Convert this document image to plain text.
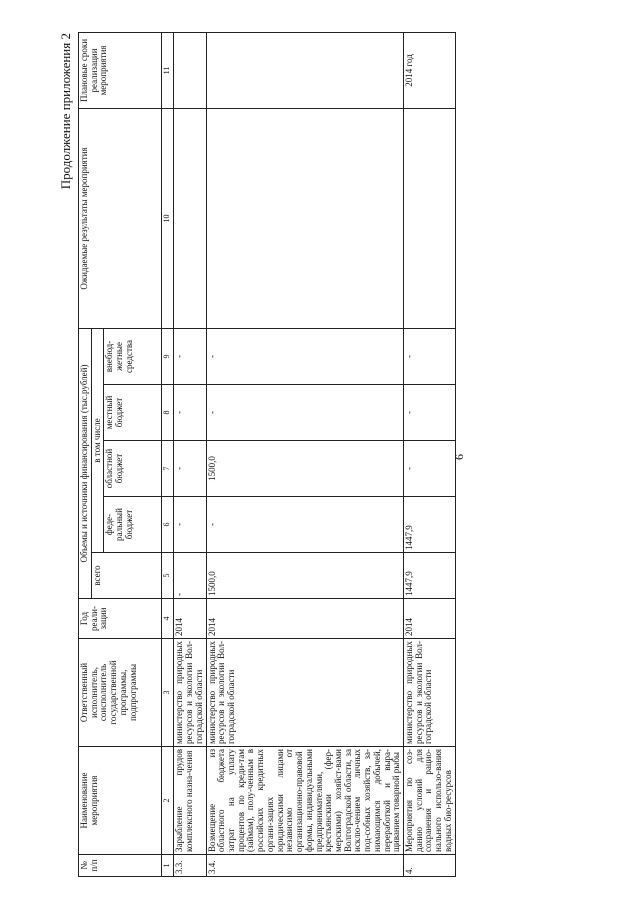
6
Продолжение приложения 2
№ п/п	Наименование мероприятия	Ответственный исполнитель, соисполнитель государственной программы, подпрограммы	Год реали-зации	Объемы и источники финансирования (тыс.рублей)					Ожидаемые результаты мероприятия	Плановые сроки реализации мероприятия
				всего	в том числе					
					феде-ральный бюджет	областной бюджет	местный бюджет	внебюд-жетные средства		
1	2	3	4	5	6	7	8	9	10	11
3.3.	Зарыбление прудов комплексного назна-чения	министерство природных ресурсов и экологии Вол-гоградской области	2014	-	-	-	-	-		
3.4.	Возмещение из областного бюджета затрат на уплату процентов по креди-там (займам), полу-ченным в российских кредитных органи-зациях юридическими лицами независимо от организационно-правовой формы, индивидуальными предпринимателями, крестьянскими (фер-мерскими) хозяйст-вами Волгоградской области, за исклю-чением личных под-собных хозяйств, за-нимающимся добычей, переработкой и выра-щиванием товарной рыбы	министерство природных ресурсов и экологии Вол-гоградской области	2014	1500,0	-	1500,0	-	-		
4.	Мероприятия по соз-данию условий для сохранения и рацио-нального использо-вания водных био-ресурсов	министерство природных ресурсов и экологии Вол-гоградской области	2014	1447,9	1447,9	-	-	-		2014 год
